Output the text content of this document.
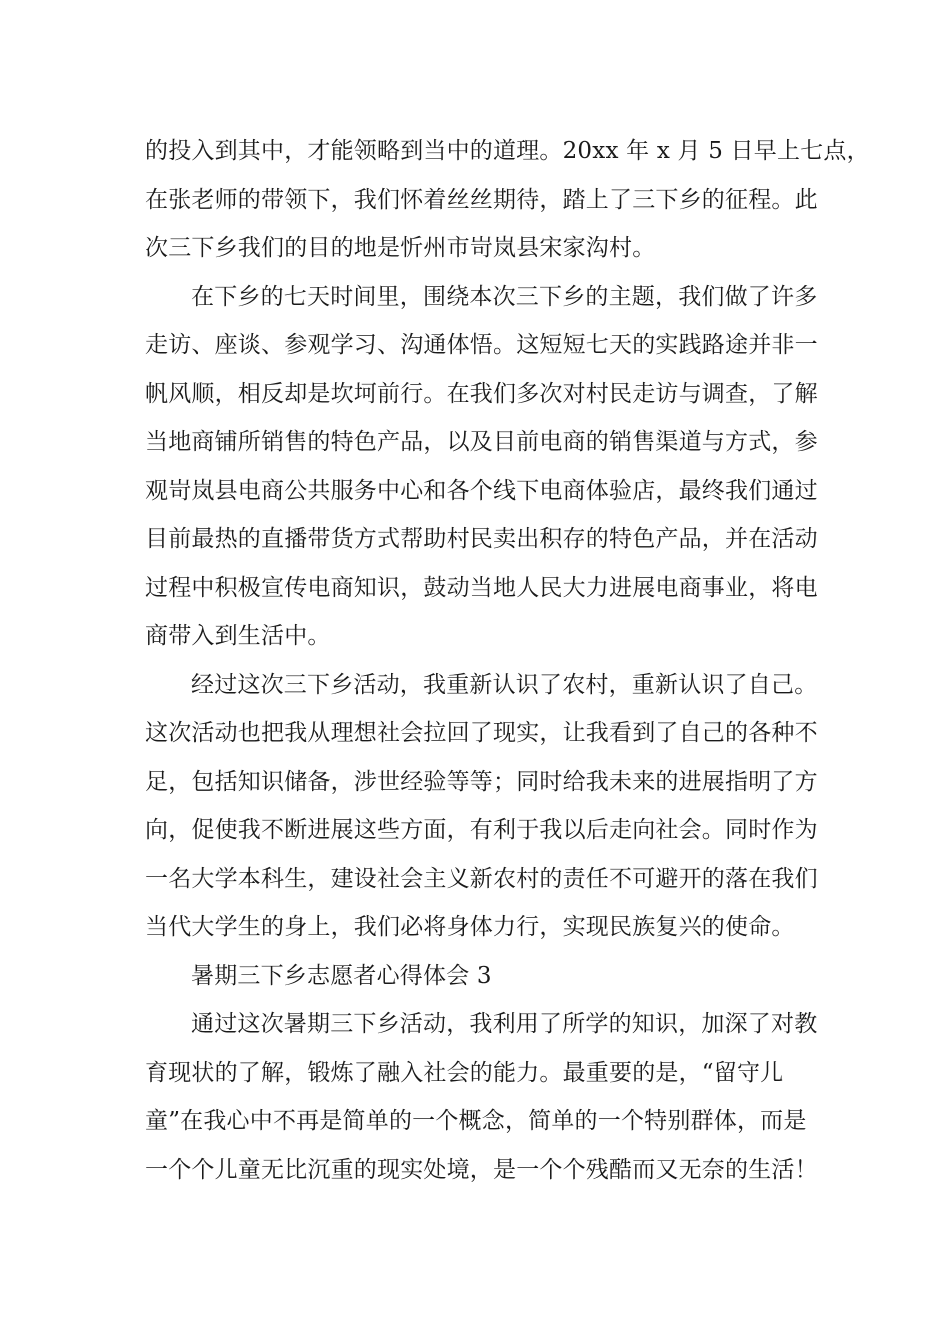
的投入到其中，才能领略到当中的道理。20xx 年 x 月 5 日早上七点，
在张老师的带领下，我们怀着丝丝期待，踏上了三下乡的征程。此
次三下乡我们的目的地是忻州市岢岚县宋家沟村。
在下乡的七天时间里，围绕本次三下乡的主题，我们做了许多
走访、座谈、参观学习、沟通体悟。这短短七天的实践路途并非一
帆风顺，相反却是坎坷前行。在我们多次对村民走访与调查，了解
当地商铺所销售的特色产品，以及目前电商的销售渠道与方式，参
观岢岚县电商公共服务中心和各个线下电商体验店，最终我们通过
目前最热的直播带货方式帮助村民卖出积存的特色产品，并在活动
过程中积极宣传电商知识，鼓动当地人民大力进展电商事业，将电
商带入到生活中。
经过这次三下乡活动，我重新认识了农村，重新认识了自己。
这次活动也把我从理想社会拉回了现实，让我看到了自己的各种不
足，包括知识储备，涉世经验等等；同时给我未来的进展指明了方
向，促使我不断进展这些方面，有利于我以后走向社会。同时作为
一名大学本科生，建设社会主义新农村的责任不可避开的落在我们
当代大学生的身上，我们必将身体力行，实现民族复兴的使命。
暑期三下乡志愿者心得体会 3
通过这次暑期三下乡活动，我利用了所学的知识，加深了对教
育现状的了解，锻炼了融入社会的能力。最重要的是，“留守儿
童”在我心中不再是简单的一个概念，简单的一个特别群体，而是
一个个儿童无比沉重的现实处境，是一个个残酷而又无奈的生活！
